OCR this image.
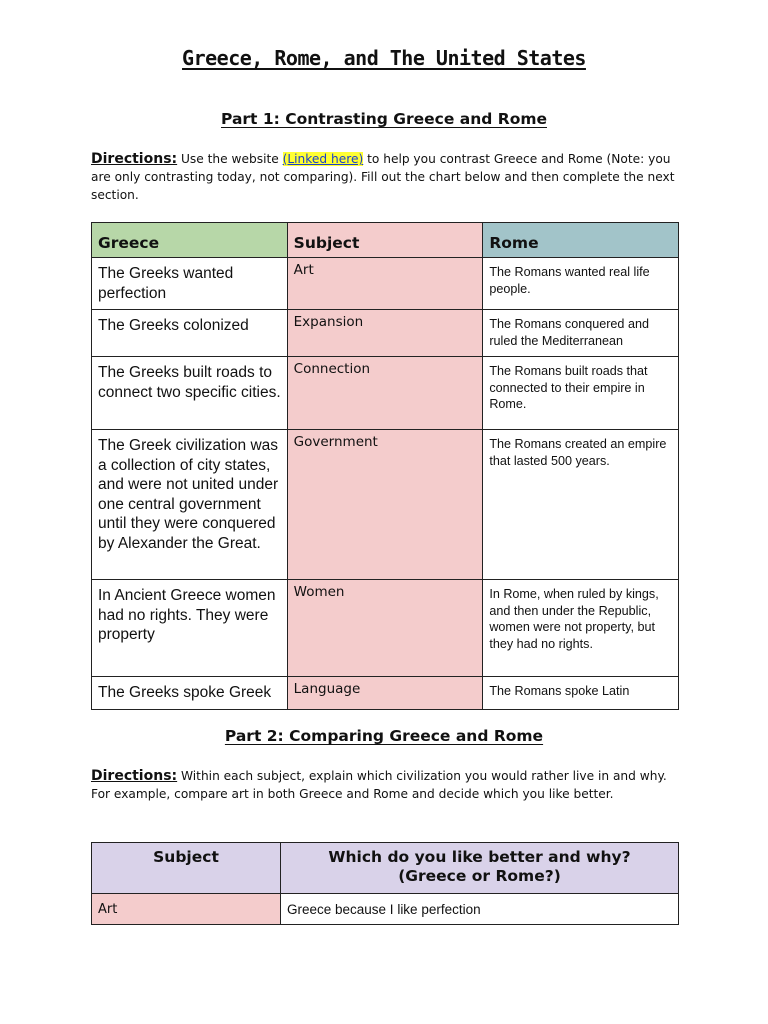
Greece, Rome, and The United States
Part 1: Contrasting Greece and Rome
Directions: Use the website (Linked here) to help you contrast Greece and Rome (Note: you are only contrasting today, not comparing). Fill out the chart below and then complete the next section.
Greece	Subject	Rome
The Greeks wanted perfection	Art	The Romans wanted real life people.
The Greeks colonized	Expansion	The Romans conquered and ruled the Mediterranean
The Greeks built roads to connect two specific cities.	Connection	The Romans built roads that connected to their empire in Rome.
The Greek civilization was a collection of city states, and were not united under one central government until they were conquered by Alexander the Great.	Government	The Romans created an empire that lasted 500 years.
In Ancient Greece women had no rights. They were property	Women	In Rome, when ruled by kings, and then under the Republic, women were not property, but they had no rights.
The Greeks spoke Greek	Language	The Romans spoke Latin
Part 2: Comparing Greece and Rome
Directions: Within each subject, explain which civilization you would rather live in and why. For example, compare art in both Greece and Rome and decide which you like better.
Subject	Which do you like better and why?
(Greece or Rome?)
Art	Greece because I like perfection
